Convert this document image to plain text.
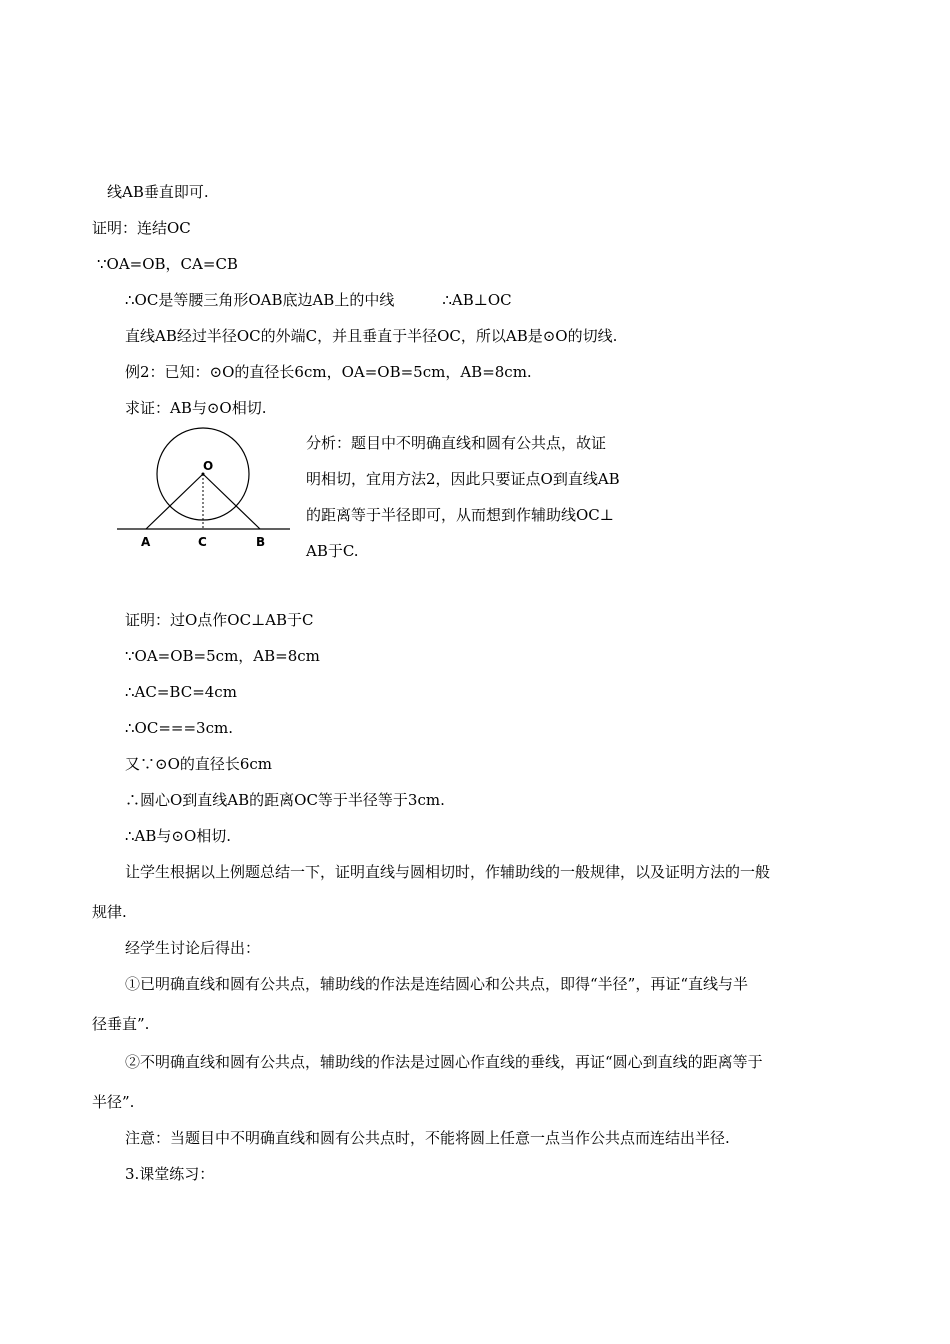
线AB垂直即可.
证明：连结OC
∵OA=OB，CA=CB
∴OC是等腰三角形OAB底边AB上的中线	∴AB⊥OC
直线AB经过半径OC的外端C，并且垂直于半径OC，所以AB是⊙O的切线.
例2：已知：⊙O的直径长6cm，OA=OB=5cm，AB=8cm.
求证：AB与⊙O相切.
O
A	C	B
分析：题目中不明确直线和圆有公共点，故证
明相切，宜用方法2，因此只要证点O到直线AB
的距离等于半径即可，从而想到作辅助线OC⊥
AB于C.
证明：过O点作OC⊥AB于C
∵OA=OB=5cm，AB=8cm
∴AC=BC=4cm
∴OC===3cm.
又∵⊙O的直径长6cm
∴圆心O到直线AB的距离OC等于半径等于3cm.
∴AB与⊙O相切.
让学生根据以上例题总结一下，证明直线与圆相切时，作辅助线的一般规律，以及证明方法的一般
规律.
经学生讨论后得出：
①已明确直线和圆有公共点，辅助线的作法是连结圆心和公共点，即得“半径”，再证“直线与半
径垂直”.
②不明确直线和圆有公共点，辅助线的作法是过圆心作直线的垂线，再证“圆心到直线的距离等于
半径”.
注意：当题目中不明确直线和圆有公共点时，不能将圆上任意一点当作公共点而连结出半径.
3.课堂练习：
